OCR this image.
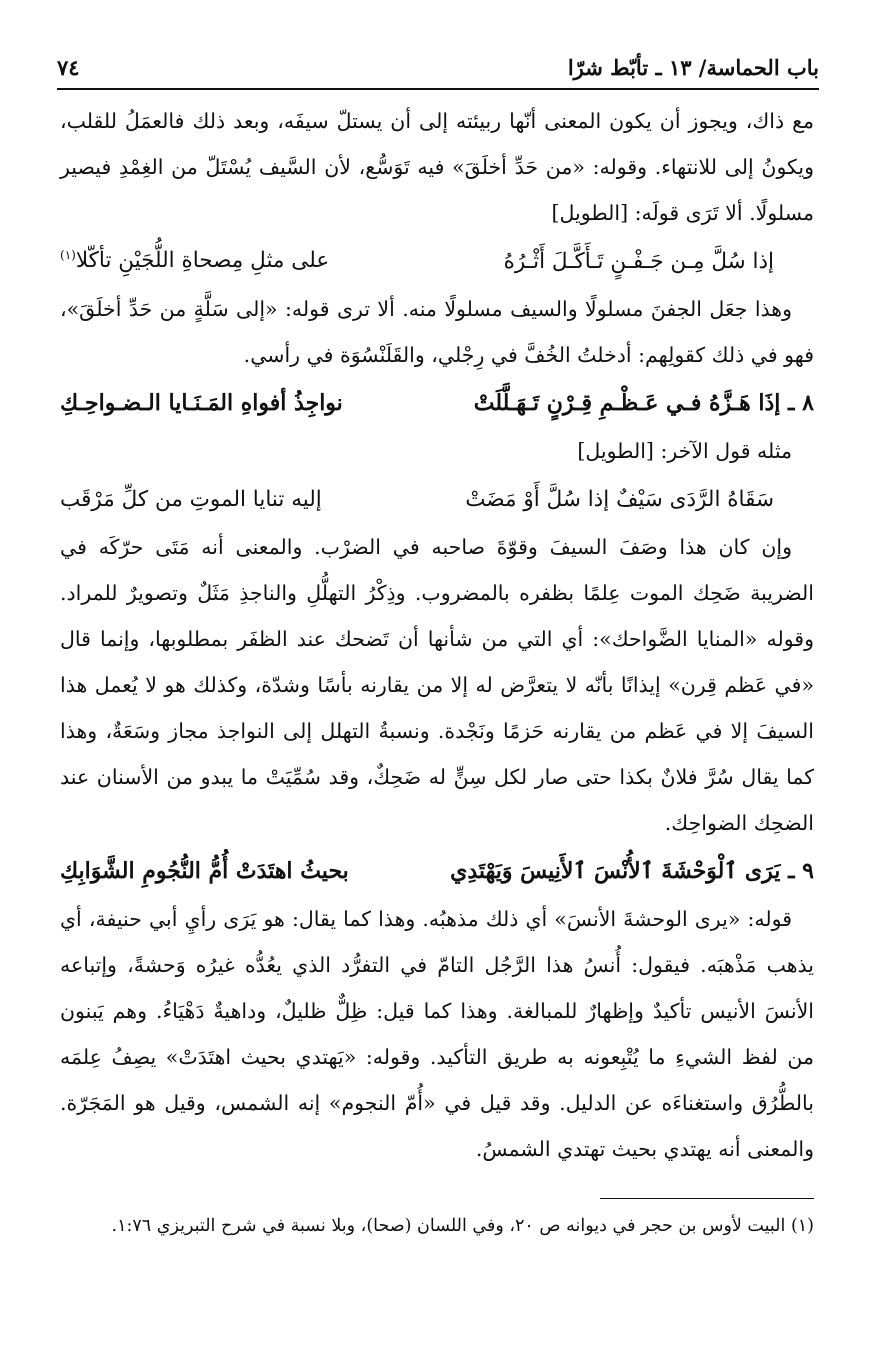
باب الحماسة/ ١٣ ـ تأبّط شرّا
٧٤

مع ذاك، ويجوز أن يكون المعنى أنّها ربيئته إلى أن يستلّ سيفَه، وبعد ذلك فالعمَلُ للقلب، ويكونُ إلى للانتهاء. وقوله: «من حَدِّ أخلَقَ» فيه تَوَسُّع، لأن السَّيف يُسْتَلّ من الغِمْدِ فيصير مسلولًا. ألا تَرَى قولَه: [الطويل]

إذا سُلَّ مِـن جَـفْـنٍ تَـأَكَّـلَ أَثْـرُهُ
على مثلِ مِصحاةِ اللُّجَيْنِ تأكّلا$^{(١)}$

وهذا جعَل الجفنَ مسلولًا والسيف مسلولًا منه. ألا ترى قوله: «إلى سَلَّةٍ من حَدِّ أخلَقَ»، فهو في ذلك كقولِهم: أدخلتُ الخُفَّ في رِجْلي، والقَلَنْسُوَة في رأسي.

٨ ـ إذَا هَـزَّهُ فـي عَـظْـمِ قِـرْنٍ تَـهَـلَّلَتْ
نواجِذُ أفواهِ المَـنَـايا الـضـواحِـكِ

مثله قول الآخر: [الطويل]

سَقَاهُ الرَّدَى سَيْفٌ إذا سُلَّ أَوْ مَضَتْ
إليه تنايا الموتِ من كلِّ مَرْقَب

وإن كان هذا وصَفَ السيفَ وقوّةَ صاحبه في الضرْب. والمعنى أنه مَتَى حرّكَه في الضريبة ضَحِك الموت عِلمًا بظفره بالمضروب. وذِكْرُ التهلُّلِ والناجذِ مَثَلٌ وتصويرٌ للمراد. وقوله «المنايا الضَّواحك»: أي التي من شأنها أن تَضحك عند الظفَر بمطلوبها، وإنما قال «في عَظم قِرن» إيذانًا بأنّه لا يتعرَّض له إلا من يقارنه بأسًا وشدّة، وكذلك هو لا يُعمل هذا السيفَ إلا في عَظم من يقارنه حَزمًا ونَجْدة. ونسبةُ التهلل إلى النواجذ مجاز وسَعَةٌ، وهذا كما يقال سُرَّ فلانٌ بكذا حتى صار لكل سِنٍّ له ضَحِكٌ، وقد سُمِّيَتْ ما يبدو من الأسنان عند الضحِك الضواحِك.

٩ ـ يَرَى ٱلْوَحْشَةَ ٱلأُنْسَ ٱلأَنِيسَ وَيَهْتَدِي
بحيثُ اهتَدَتْ أُمُّ النُّجُومِ الشَّوَابِكِ

قوله: «يرى الوحشةَ الأنسَ» أي ذلك مذهبُه. وهذا كما يقال: هو يَرَى رأيِ أبي حنيفة، أي يذهب مَذْهبَه. فيقول: أُنسُ هذا الرَّجُل التامّ في التفرُّد الذي يعُدُّه غيرُه وَحشةً، وإتباعه الأنسَ الأنيس تأكيدٌ وإظهارٌ للمبالغة. وهذا كما قيل: ظِلٌّ ظليلٌ، وداهيةٌ دَهْيَاءُ. وهم يَبنون من لفظ الشيءِ ما يُتْبِعونه به طريق التأكيد. وقوله: «يَهتدي بحيث اهتَدَتْ» يصِفُ عِلمَه بالطُّرُق واستغناءَه عن الدليل. وقد قيل في «أُمّ النجوم» إنه الشمس، وقيل هو المَجَرّة. والمعنى أنه يهتدي بحيث تهتدي الشمسُ.

(١) البيت لأوس بن حجر في ديوانه ص ٢٠، وفي اللسان (صحا)، وبلا نسبة في شرح التبريزي ١:٧٦.
